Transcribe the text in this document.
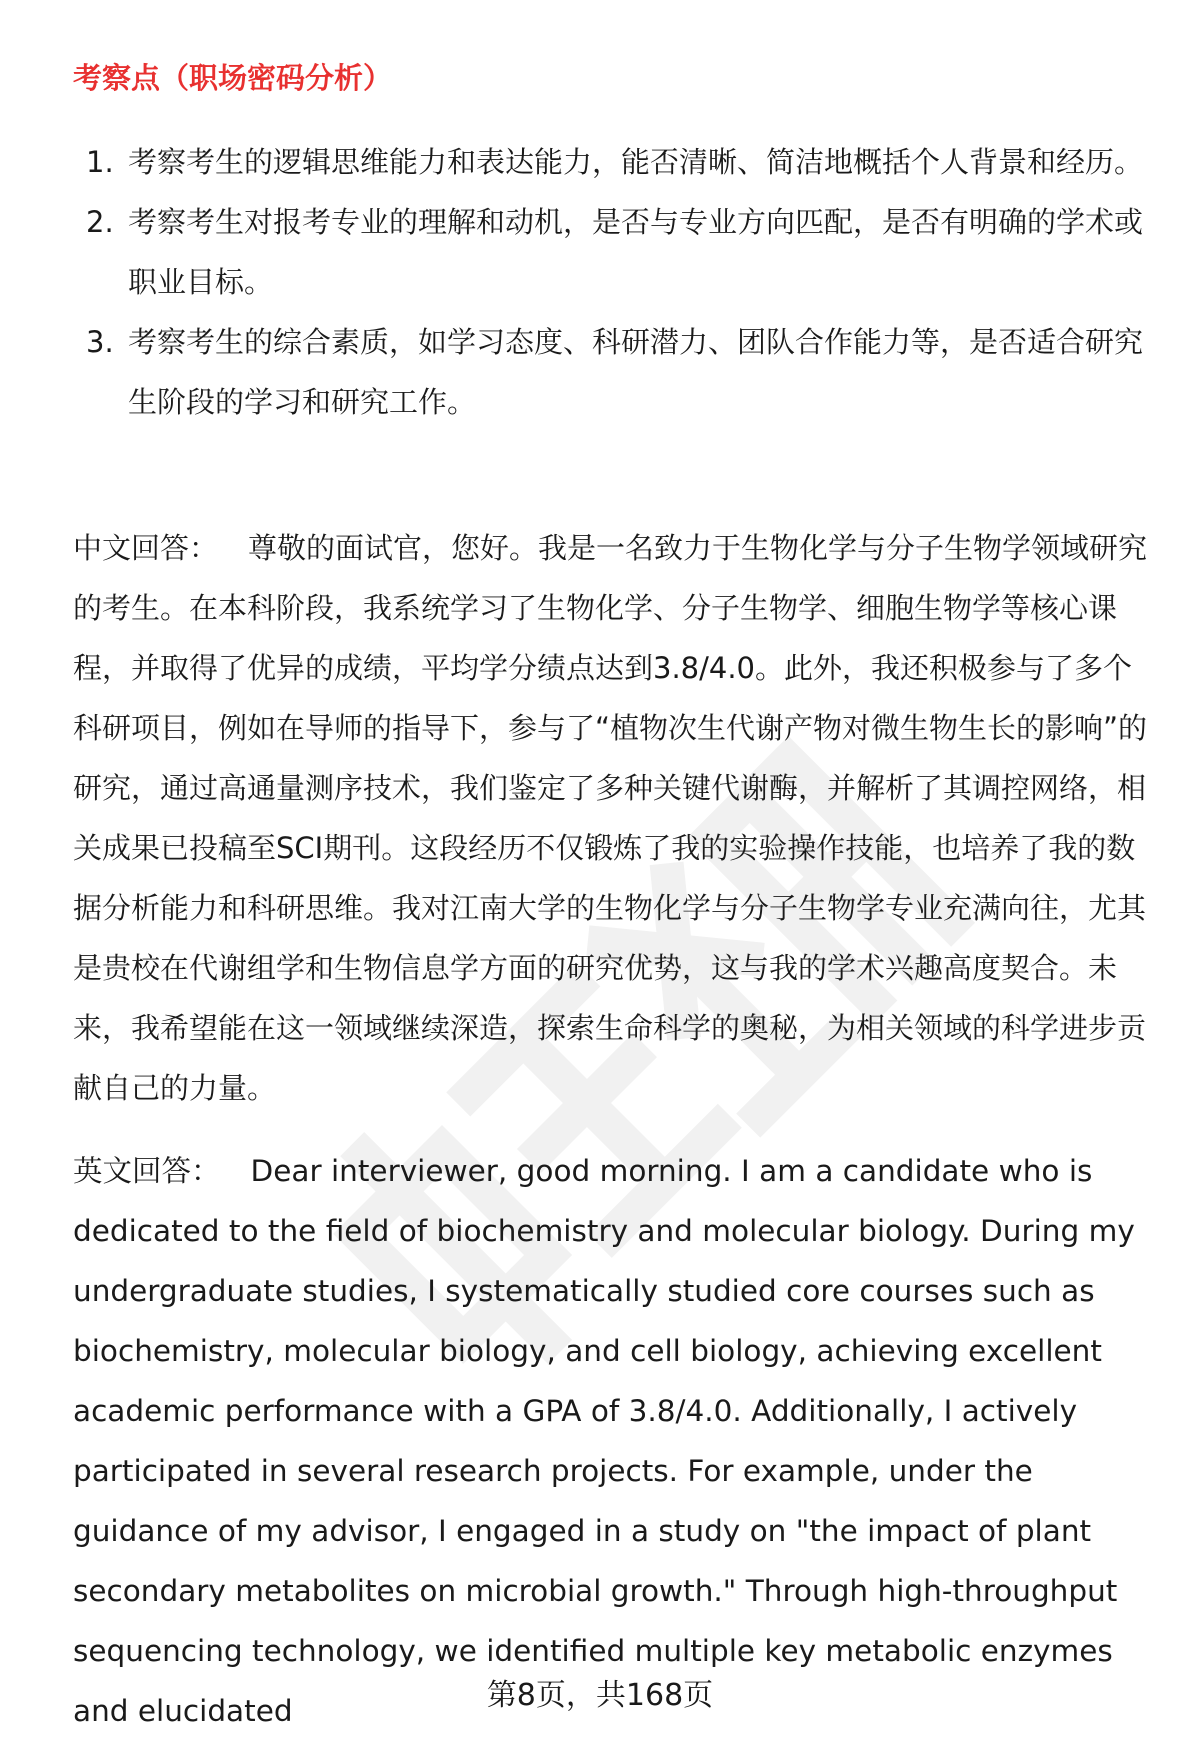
考察点（职场密码分析）
1. 考察考生的逻辑思维能力和表达能力，能否清晰、简洁地概括个人背景和经历。
2. 考察考生对报考专业的理解和动机，是否与专业方向匹配，是否有明确的学术或职业目标。
3. 考察考生的综合素质，如学习态度、科研潜力、团队合作能力等，是否适合研究生阶段的学习和研究工作。

中文回答： 尊敬的面试官，您好。我是一名致力于生物化学与分子生物学领域研究的考生。在本科阶段，我系统学习了生物化学、分子生物学、细胞生物学等核心课程，并取得了优异的成绩，平均学分绩点达到3.8/4.0。此外，我还积极参与了多个科研项目，例如在导师的指导下，参与了“植物次生代谢产物对微生物生长的影响”的研究，通过高通量测序技术，我们鉴定了多种关键代谢酶，并解析了其调控网络，相关成果已投稿至SCI期刊。这段经历不仅锻炼了我的实验操作技能，也培养了我的数据分析能力和科研思维。我对江南大学的生物化学与分子生物学专业充满向往，尤其是贵校在代谢组学和生物信息学方面的研究优势，这与我的学术兴趣高度契合。未来，我希望能在这一领域继续深造，探索生命科学的奥秘，为相关领域的科学进步贡献自己的力量。

英文回答： Dear interviewer, good morning. I am a candidate who is dedicated to the field of biochemistry and molecular biology. During my undergraduate studies, I systematically studied core courses such as biochemistry, molecular biology, and cell biology, achieving excellent academic performance with a GPA of 3.8/4.0. Additionally, I actively participated in several research projects. For example, under the guidance of my advisor, I engaged in a study on "the impact of plant secondary metabolites on microbial growth." Through high-throughput sequencing technology, we identified multiple key metabolic enzymes and elucidated	第8页，共168页
